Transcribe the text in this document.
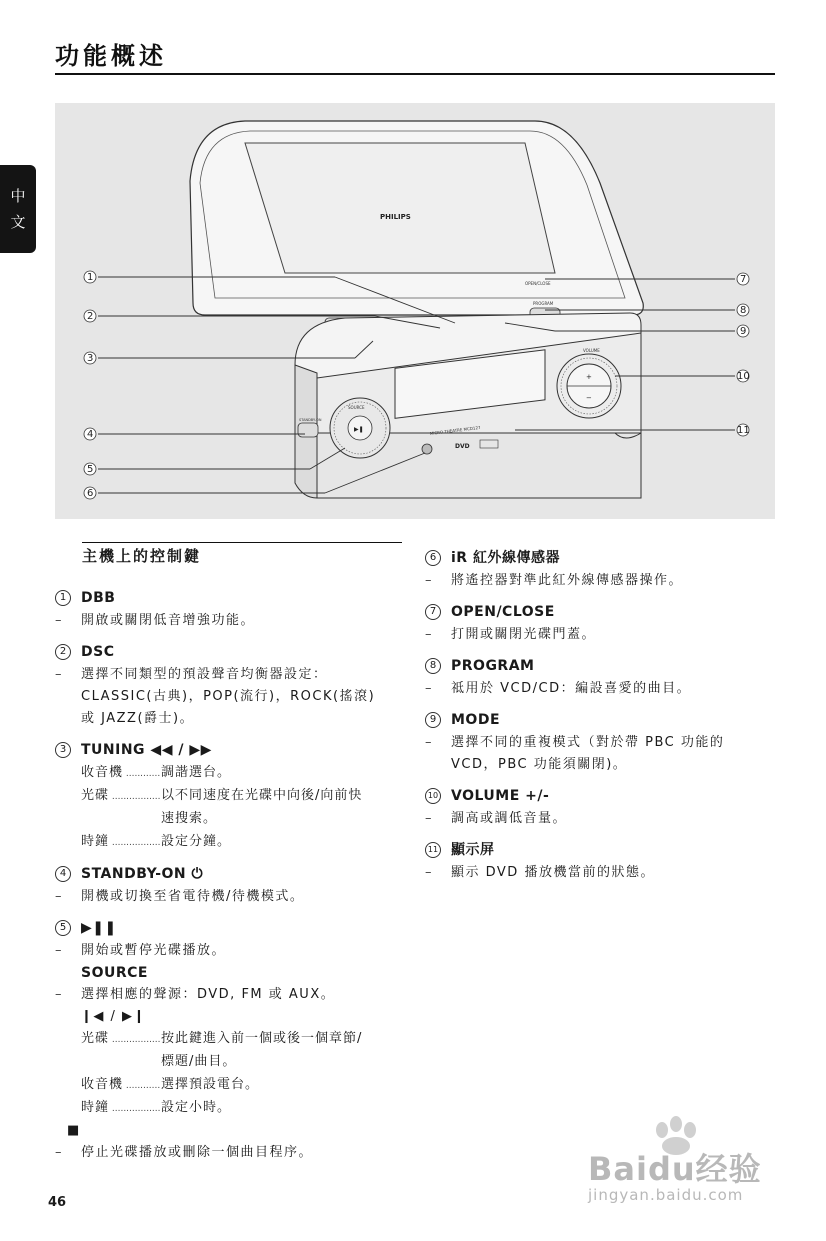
功能概述
中
文	PHILIPS
OPEN/CLOSE
PROGRAM
MICRO THEATRE MCD127
DVD
▶❚
SOURCE
STANDBY-ON
+
−
VOLUME
1
2
3
4
5
6
7
8
9
10
11
主機上的控制鍵
1	DBB
–	開啟或關閉低音增強功能。
2	DSC
–	選擇不同類型的預設聲音均衡器設定：
CLASSIC(古典)，POP(流行)，ROCK(搖滾)
或 JAZZ(爵士)。
3	TUNING ◀◀ / ▶▶
收音機 .....	調諧選台。
光碟 .....	以不同速度在光碟中向後/向前快
速搜索。
時鐘 .....	設定分鐘。
4	STANDBY-ON ⏻
–	開機或切換至省電待機/待機模式。
5	▶❚❚
–	開始或暫停光碟播放。
SOURCE
–	選擇相應的聲源：DVD, FM 或 AUX。
❙◀ / ▶❙
光碟 .....	按此鍵進入前一個或後一個章節/
標題/曲目。
收音機 .....	選擇預設電台。
時鐘 .....	設定小時。
■
–	停止光碟播放或刪除一個曲目程序。
6	iR 紅外線傳感器
–	將遙控器對準此紅外線傳感器操作。
7	OPEN/CLOSE
–	打開或關閉光碟門蓋。
8	PROGRAM
–	祗用於 VCD/CD：編設喜愛的曲目。
9	MODE
–	選擇不同的重複模式（對於帶 PBC 功能的
VCD，PBC 功能須關閉)。
10 VOLUME +/-
–	調高或調低音量。
11 顯示屏
–	顯示 DVD 播放機當前的狀態。
46
Baidu经验
jingyan.baidu.com
